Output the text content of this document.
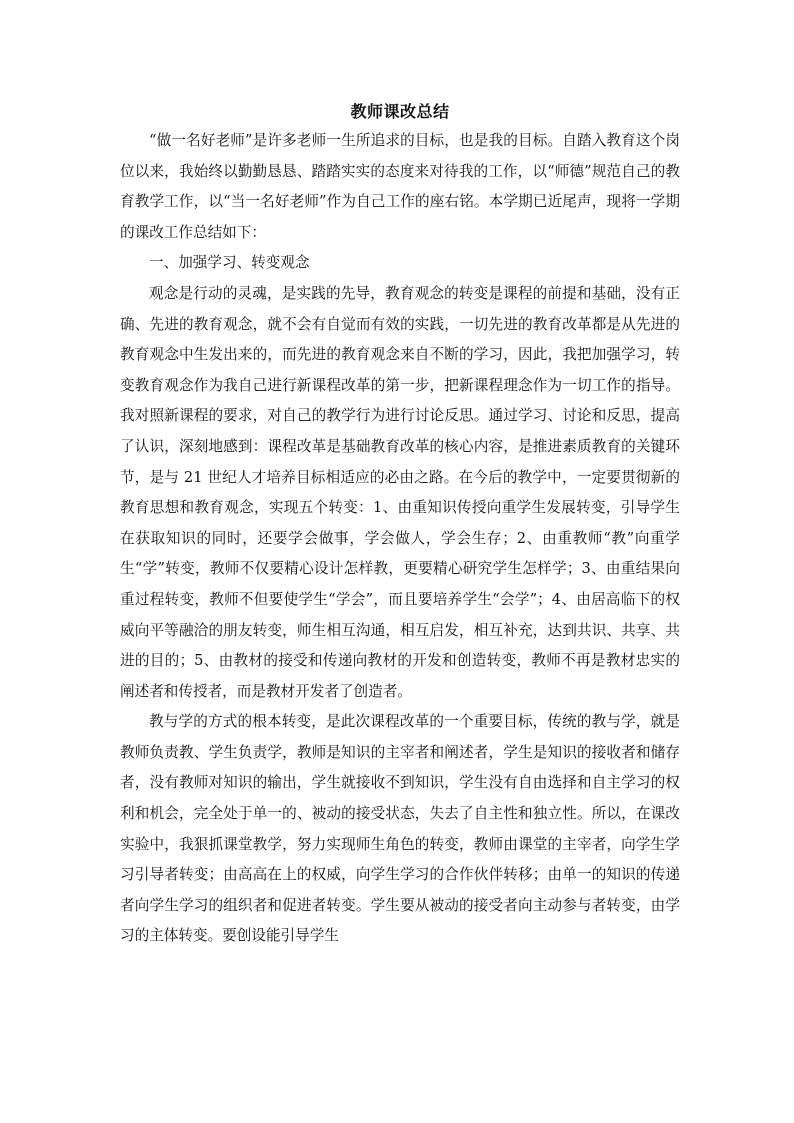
教师课改总结

“做一名好老师”是许多老师一生所追求的目标，也是我的目标。自踏入教育这个岗位以来，我始终以勤勤恳恳、踏踏实实的态度来对待我的工作，以“师德”规范自己的教育教学工作，以“当一名好老师”作为自己工作的座右铭。本学期已近尾声，现将一学期的课改工作总结如下：

一、加强学习、转变观念

观念是行动的灵魂，是实践的先导，教育观念的转变是课程的前提和基础，没有正确、先进的教育观念，就不会有自觉而有效的实践，一切先进的教育改革都是从先进的教育观念中生发出来的，而先进的教育观念来自不断的学习，因此，我把加强学习，转变教育观念作为我自己进行新课程改革的第一步，把新课程理念作为一切工作的指导。我对照新课程的要求，对自己的教学行为进行讨论反思。通过学习、讨论和反思，提高了认识，深刻地感到：课程改革是基础教育改革的核心内容，是推进素质教育的关键环节，是与 21 世纪人才培养目标相适应的必由之路。在今后的教学中，一定要贯彻新的教育思想和教育观念，实现五个转变：1、由重知识传授向重学生发展转变，引导学生在获取知识的同时，还要学会做事，学会做人，学会生存；2、由重教师“教”向重学生“学”转变，教师不仅要精心设计怎样教，更要精心研究学生怎样学；3、由重结果向重过程转变，教师不但要使学生“学会”，而且要培养学生“会学”；4、由居高临下的权威向平等融洽的朋友转变，师生相互沟通，相互启发，相互补充，达到共识、共享、共进的目的；5、由教材的接受和传递向教材的开发和创造转变，教师不再是教材忠实的阐述者和传授者，而是教材开发者了创造者。

教与学的方式的根本转变，是此次课程改革的一个重要目标，传统的教与学，就是教师负责教、学生负责学，教师是知识的主宰者和阐述者，学生是知识的接收者和储存者，没有教师对知识的输出，学生就接收不到知识，学生没有自由选择和自主学习的权利和机会，完全处于单一的、被动的接受状态，失去了自主性和独立性。所以，在课改实验中，我狠抓课堂教学，努力实现师生角色的转变，教师由课堂的主宰者，向学生学习引导者转变；由高高在上的权威，向学生学习的合作伙伴转移；由单一的知识的传递者向学生学习的组织者和促进者转变。学生要从被动的接受者向主动参与者转变，由学习的主体转变。要创设能引导学生
